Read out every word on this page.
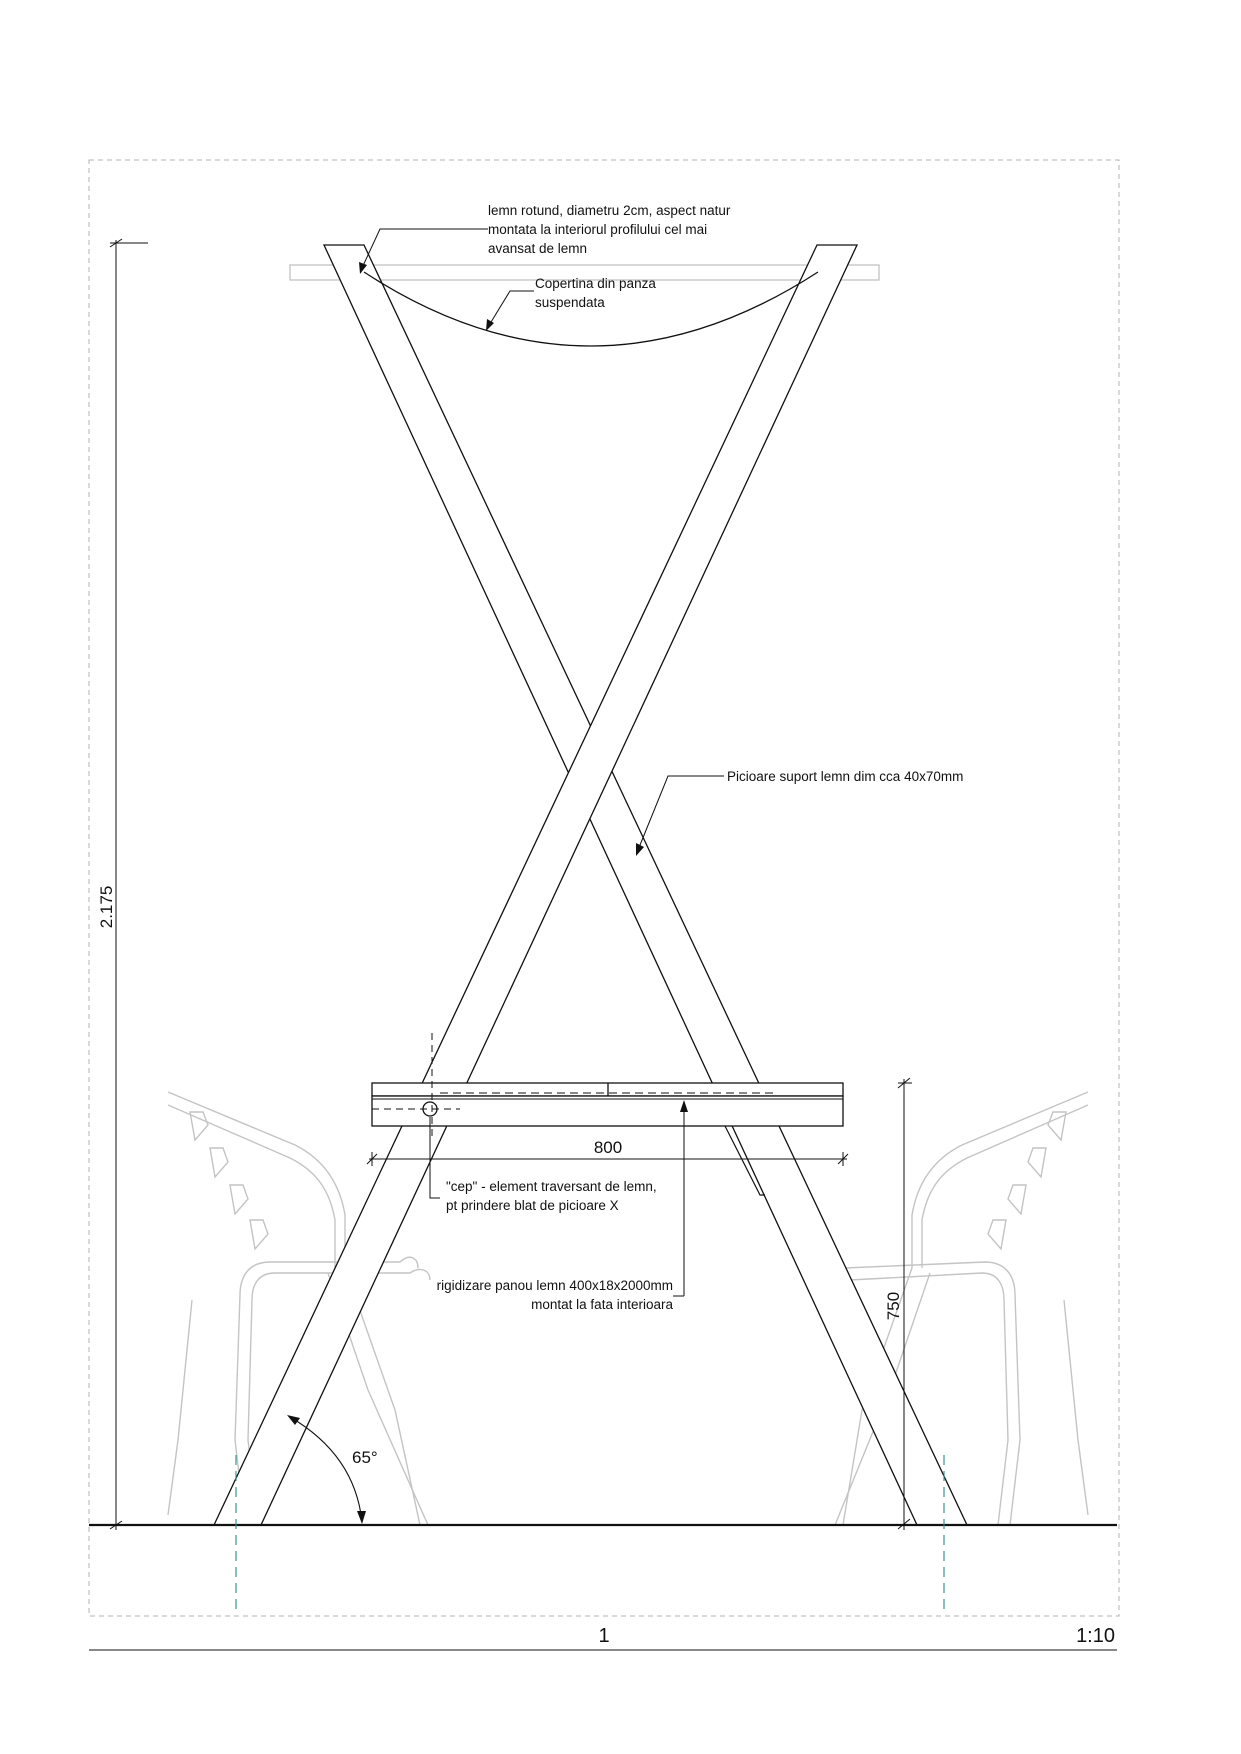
2.175
800
750
65°
lemn rotund, diametru 2cm, aspect natur
montata la interiorul profilului cel mai
avansat de lemn
Copertina din panza
suspendata
Picioare suport lemn dim cca 40x70mm
"cep" - element traversant de lemn,
pt prindere blat de picioare X
rigidizare panou lemn 400x18x2000mm
montat la fata interioara
1	1:10
